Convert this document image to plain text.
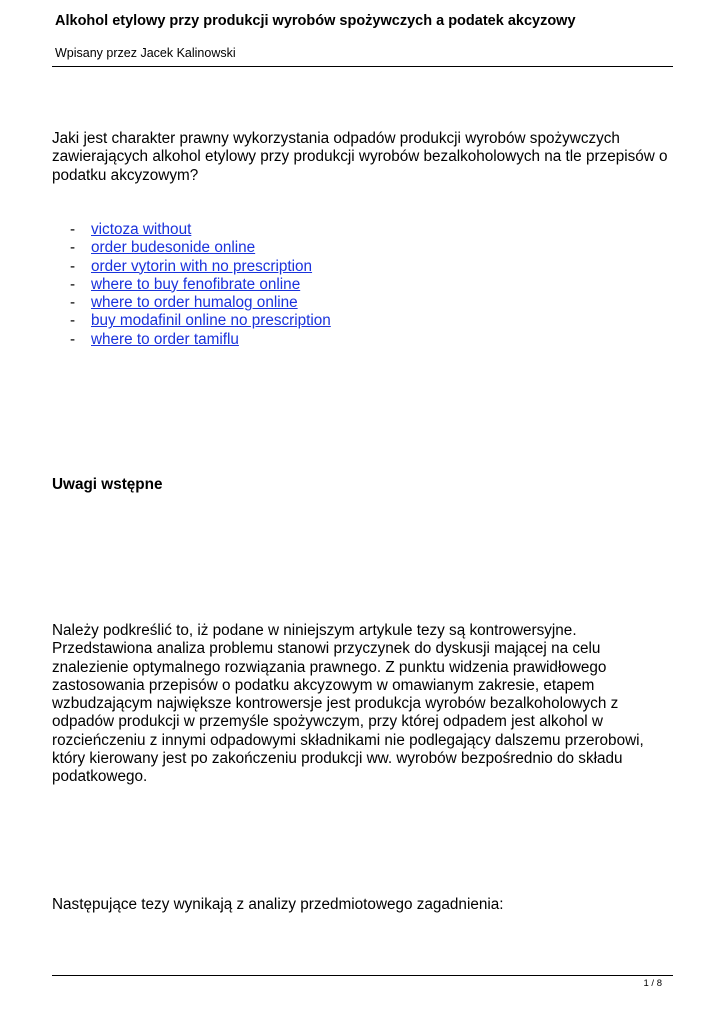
Alkohol etylowy przy produkcji wyrobów spożywczych a podatek akcyzowy
Wpisany przez Jacek Kalinowski

Jaki jest charakter prawny wykorzystania odpadów produkcji wyrobów spożywczych zawierających alkohol etylowy przy produkcji wyrobów bezalkoholowych na tle przepisów o podatku akcyzowym?

- victoza without
- order budesonide online
- order vytorin with no prescription
- where to buy fenofibrate online
- where to order humalog online
- buy modafinil online no prescription
- where to order tamiflu
Uwagi wstępne

Należy podkreślić to, iż podane w niniejszym artykule tezy są kontrowersyjne. Przedstawiona analiza problemu stanowi przyczynek do dyskusji mającej na celu znalezienie optymalnego rozwiązania prawnego. Z punktu widzenia prawidłowego zastosowania przepisów o podatku akcyzowym w omawianym zakresie, etapem wzbudzającym największe kontrowersje jest produkcja wyrobów bezalkoholowych z odpadów produkcji w przemyśle spożywczym, przy której odpadem jest alkohol w rozcieńczeniu z innymi odpadowymi składnikami nie podlegający dalszemu przerobowi, który kierowany jest po zakończeniu produkcji ww. wyrobów bezpośrednio do składu podatkowego.

Następujące tezy wynikają z analizy przedmiotowego zagadnienia:

1 / 8
